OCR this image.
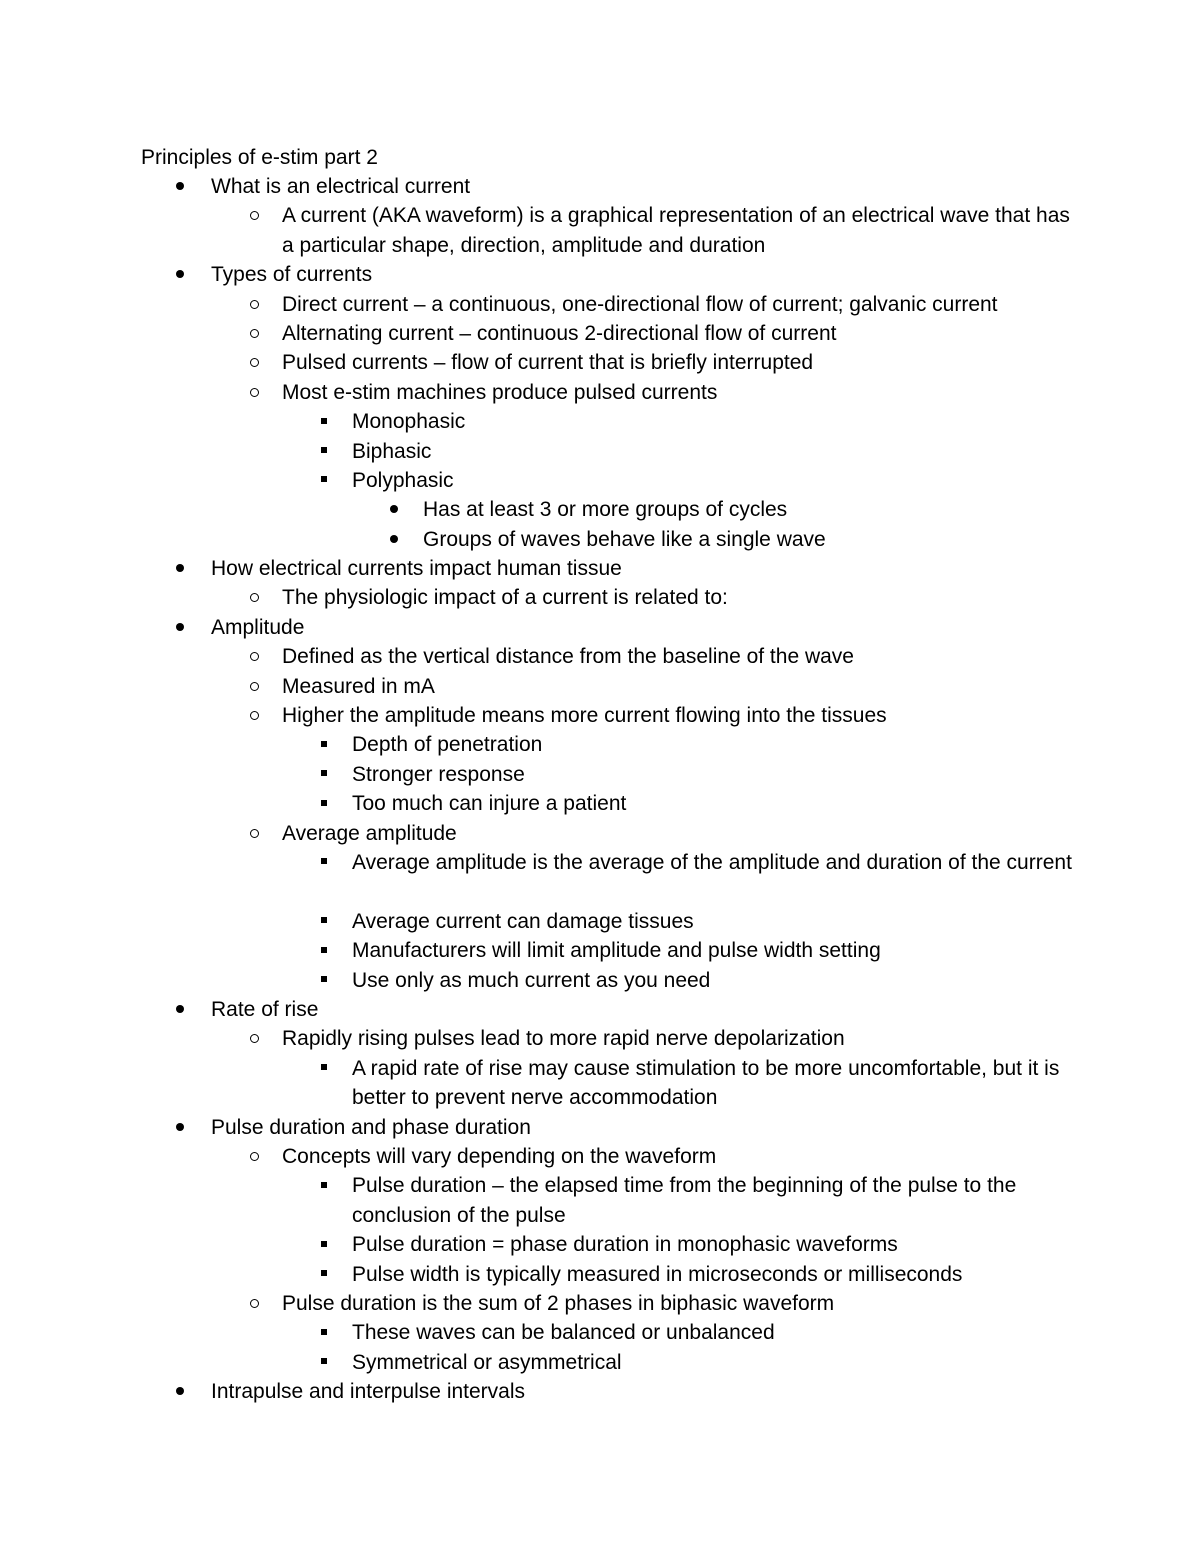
Principles of e-stim part 2
What is an electrical current
A current (AKA waveform) is a graphical representation of an electrical wave that has a particular shape, direction, amplitude and duration
Types of currents
Direct current – a continuous, one-directional flow of current; galvanic current
Alternating current – continuous 2-directional flow of current
Pulsed currents – flow of current that is briefly interrupted
Most e-stim machines produce pulsed currents
Monophasic
Biphasic
Polyphasic
Has at least 3 or more groups of cycles
Groups of waves behave like a single wave
How electrical currents impact human tissue
The physiologic impact of a current is related to:
Amplitude
Defined as the vertical distance from the baseline of the wave
Measured in mA
Higher the amplitude means more current flowing into the tissues
Depth of penetration
Stronger response
Too much can injure a patient
Average amplitude
Average amplitude is the average of the amplitude and duration of the current
Average current can damage tissues
Manufacturers will limit amplitude and pulse width setting
Use only as much current as you need
Rate of rise
Rapidly rising pulses lead to more rapid nerve depolarization
A rapid rate of rise may cause stimulation to be more uncomfortable, but it is better to prevent nerve accommodation
Pulse duration and phase duration
Concepts will vary depending on the waveform
Pulse duration – the elapsed time from the beginning of the pulse to the conclusion of the pulse
Pulse duration = phase duration in monophasic waveforms
Pulse width is typically measured in microseconds or milliseconds
Pulse duration is the sum of 2 phases in biphasic waveform
These waves can be balanced or unbalanced
Symmetrical or asymmetrical
Intrapulse and interpulse intervals
